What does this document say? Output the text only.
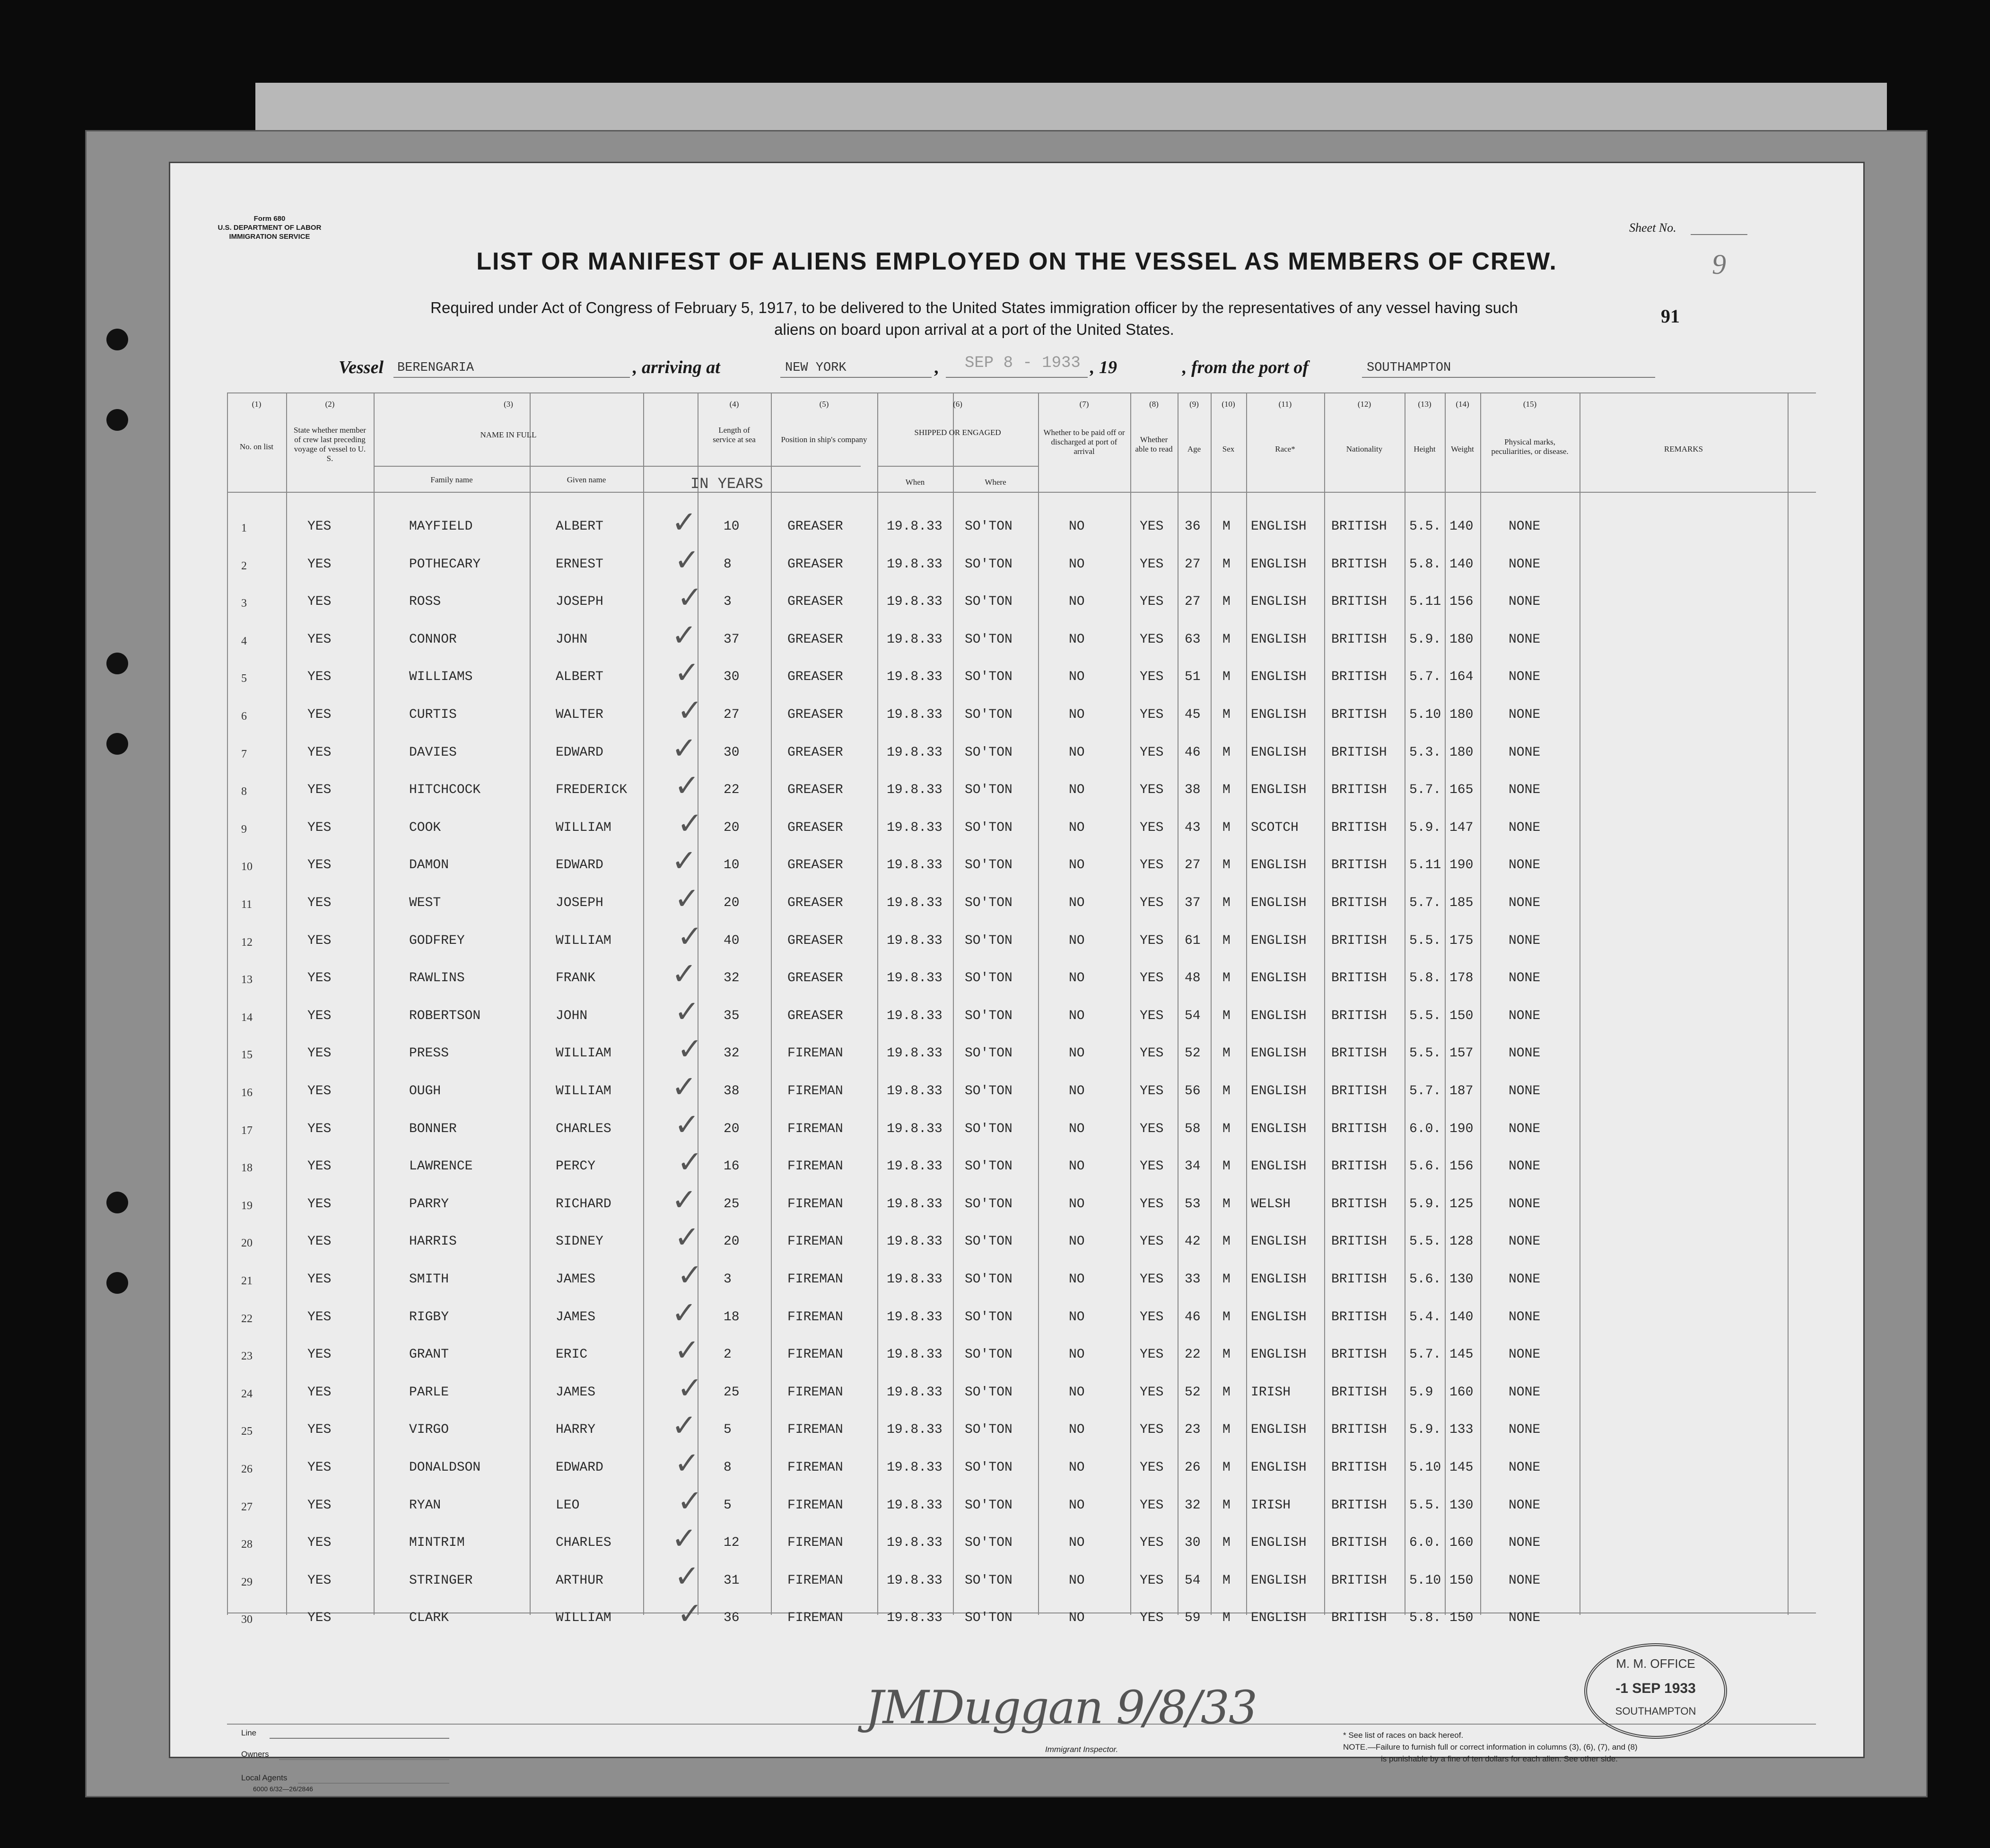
Form 680
U.S. DEPARTMENT OF LABOR
IMMIGRATION SERVICE
Sheet No.
9
LIST OR MANIFEST OF ALIENS EMPLOYED ON THE VESSEL AS MEMBERS OF CREW.
Required under Act of Congress of February 5, 1917, to be delivered to the United States immigration officer by the representatives of any vessel having such
aliens on board upon arrival at a port of the United States.
91
Vessel BERENGARIA	, arriving at	NEW YORK	, SEP 8 - 1933 , 19	, from the port of	SOUTHAMPTON
(1)
No. on list
(2)
State whether member of crew last preceding voyage of vessel to U. S.
(3)
NAME IN FULL
Family name	Given name
(4)
Length of service at sea
IN YEARS
(5)
Position in ship's company
(6)
SHIPPED OR ENGAGED
When	Where
(7)
Whether to be paid off or discharged at port of arrival
(8)
Whether able to read
(9)
Age
(10)
Sex
(11)
Race*
(12)
Nationality
(13)
Height
(14)
Weight
(15)
Physical marks, peculiarities, or disease.	REMARKS
1	YES	MAYFIELD	ALBERT	10	GREASER	19.8.33 SO'TON	NO	YES 36 M ENGLISH BRITISH 5.5. 140	NONE
✓
2	YES	POTHECARY	ERNEST	8	GREASER	19.8.33 SO'TON	NO	YES 27 M ENGLISH BRITISH 5.8. 140	NONE
✓
3	YES	ROSS	JOSEPH	3	GREASER	19.8.33 SO'TON	NO	YES 27 M ENGLISH BRITISH 5.11 156	NONE
✓
4	YES	CONNOR	JOHN	37	GREASER	19.8.33 SO'TON	NO	YES 63 M ENGLISH BRITISH 5.9. 180	NONE
✓
5	YES	WILLIAMS	ALBERT	30	GREASER	19.8.33 SO'TON	NO	YES 51 M ENGLISH BRITISH 5.7. 164	NONE
✓
6	YES	CURTIS	WALTER	27	GREASER	19.8.33 SO'TON	NO	YES 45 M ENGLISH BRITISH 5.10 180	NONE
✓
7	YES	DAVIES	EDWARD	30	GREASER	19.8.33 SO'TON	NO	YES 46 M ENGLISH BRITISH 5.3. 180	NONE
✓
8	YES	HITCHCOCK	FREDERICK	22	GREASER	19.8.33 SO'TON	NO	YES 38 M ENGLISH BRITISH 5.7. 165	NONE
✓
9	YES	COOK	WILLIAM	20	GREASER	19.8.33 SO'TON	NO	YES 43 M SCOTCH BRITISH 5.9. 147	NONE
✓
10	YES	DAMON	EDWARD	10	GREASER	19.8.33 SO'TON	NO	YES 27 M ENGLISH BRITISH 5.11 190	NONE
✓
11	YES	WEST	JOSEPH	20	GREASER	19.8.33 SO'TON	NO	YES 37 M ENGLISH BRITISH 5.7. 185	NONE
✓
12	YES	GODFREY	WILLIAM	40	GREASER	19.8.33 SO'TON	NO	YES 61 M ENGLISH BRITISH 5.5. 175	NONE
✓
13	YES	RAWLINS	FRANK	32	GREASER	19.8.33 SO'TON	NO	YES 48 M ENGLISH BRITISH 5.8. 178	NONE
✓
14	YES	ROBERTSON	JOHN	35	GREASER	19.8.33 SO'TON	NO	YES 54 M ENGLISH BRITISH 5.5. 150	NONE
✓
15	YES	PRESS	WILLIAM	32	FIREMAN	19.8.33 SO'TON	NO	YES 52 M ENGLISH BRITISH 5.5. 157	NONE
✓
16	YES	OUGH	WILLIAM	38	FIREMAN	19.8.33 SO'TON	NO	YES 56 M ENGLISH BRITISH 5.7. 187	NONE
✓
17	YES	BONNER	CHARLES	20	FIREMAN	19.8.33 SO'TON	NO	YES 58 M ENGLISH BRITISH 6.0. 190	NONE
✓
18	YES	LAWRENCE	PERCY	16	FIREMAN	19.8.33 SO'TON	NO	YES 34 M ENGLISH BRITISH 5.6. 156	NONE
✓
19	YES	PARRY	RICHARD	25	FIREMAN	19.8.33 SO'TON	NO	YES 53 M WELSH	BRITISH 5.9. 125	NONE
✓
20	YES	HARRIS	SIDNEY	20	FIREMAN	19.8.33 SO'TON	NO	YES 42 M ENGLISH BRITISH 5.5. 128	NONE
✓
21	YES	SMITH	JAMES	3	FIREMAN	19.8.33 SO'TON	NO	YES 33 M ENGLISH BRITISH 5.6. 130	NONE
✓
22	YES	RIGBY	JAMES	18	FIREMAN	19.8.33 SO'TON	NO	YES 46 M ENGLISH BRITISH 5.4. 140	NONE
✓
23	YES	GRANT	ERIC	2	FIREMAN	19.8.33 SO'TON	NO	YES 22 M ENGLISH BRITISH 5.7. 145	NONE
✓
24	YES	PARLE	JAMES	25	FIREMAN	19.8.33 SO'TON	NO	YES 52 M IRISH	BRITISH 5.9 160	NONE
✓
25	YES	VIRGO	HARRY	5	FIREMAN	19.8.33 SO'TON	NO	YES 23 M ENGLISH BRITISH 5.9. 133	NONE
✓
26	YES	DONALDSON	EDWARD	8	FIREMAN	19.8.33 SO'TON	NO	YES 26 M ENGLISH BRITISH 5.10 145	NONE
✓
27	YES	RYAN	LEO	5	FIREMAN	19.8.33 SO'TON	NO	YES 32 M IRISH	BRITISH 5.5. 130	NONE
✓
28	YES	MINTRIM	CHARLES	12	FIREMAN	19.8.33 SO'TON	NO	YES 30 M ENGLISH BRITISH 6.0. 160	NONE
✓
29	YES	STRINGER	ARTHUR	31	FIREMAN	19.8.33 SO'TON	NO	YES 54 M ENGLISH BRITISH 5.10 150	NONE
✓
30	YES	CLARK	WILLIAM	36	FIREMAN	19.8.33 SO'TON	NO	YES 59 M ENGLISH BRITISH 5.8. 150	NONE
✓
Line
Owners
Local Agents
6000 6/32—26/2846
JMDuggan 9/8/33
Immigrant Inspector.
* See list of races on back hereof.
NOTE.—Failure to furnish full or correct information in columns (3), (6), (7), and (8)
is punishable by a fine of ten dollars for each alien. See other side.
M. M. OFFICE
-1 SEP 1933
SOUTHAMPTON
